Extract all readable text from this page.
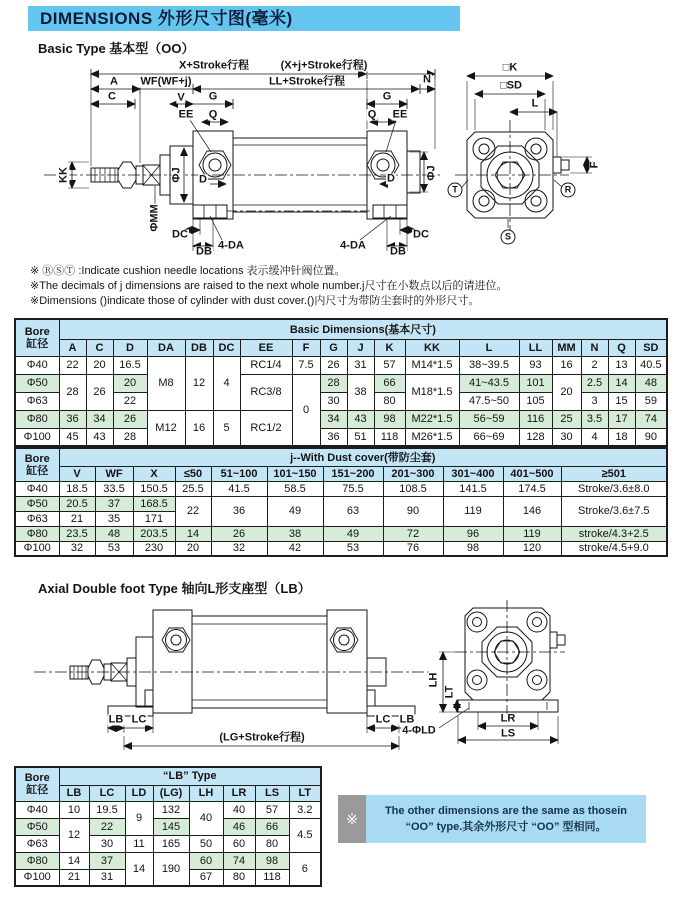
DIMENSIONS 外形尺寸图(毫米)
Basic Type 基本型（OO）
X+Stroke行程	(X+j+Stroke行程)
A WF(WF+j)	LL+Stroke行程	N
C	V G	G
EE Q	Q EE
KK
ΦMM
ΦJ D	D	ΦJ
DC
DB 4-DA	4-DA DB
DC
□K
□SD
L
F
T	R
S
※ ⓇⓈⓉ :Indicate cushion needle locations 表示缓冲针阀位置。
※The decimals of j dimensions are raised to the next whole number.j尺寸在小数点以后的请进位。
※Dimensions ()indicate those of cylinder with dust cover.()内尺寸为带防尘套时的外形尺寸。
Bore
缸径	Basic Dimensions(基本尺寸)																	
	A	C	D	DA	DB	DC	EE	F	G	J	K	KK	L	LL	MM	N	Q	SD
Φ40	22	20	16.5	M8	12	4	RC1/4	7.5	26	31	57	M14*1.5	38~39.5	93	16	2	13	40.5
Φ50	28	26	20				RC3/8	0	28	38	66	M18*1.5	41~43.5	101	20	2.5	14	48
Φ63			22						30		80		47.5~50	105		3	15	59
Φ80	36	34	26	M12	16	5	RC1/2		34	43	98	M22*1.5	56~59	116	25	3.5	17	74
Φ100	45	43	28						36	51	118	M26*1.5	66~69	128	30	4	18	90
Bore
缸径	j--With Dust cover(带防尘套)										
	V	WF	X	≤50	51~100	101~150	151~200	201~300	301~400	401~500	≥501
Φ40	18.5	33.5	150.5	25.5	41.5	58.5	75.5	108.5	141.5	174.5	Stroke/3.6±8.0
Φ50	20.5	37	168.5	22	36	49	63	90	119	146	Stroke/3.6±7.5
Φ63	21	35	171								
Φ80	23.5	48	203.5	14	26	38	49	72	96	119	stroke/4.3+2.5
Φ100	32	53	230	20	32	42	53	76	98	120	stroke/4.5+9.0
Axial Double foot Type 轴向L形支座型（LB）
LB LC
(LG+Stroke行程)
LC LB
LH
LT
4-ΦLD
LR
LS
Bore
缸径	“LB” Type							
	LB	LC	LD	(LG)	LH	LR	LS	LT
Φ40	10	19.5	9	132	40	40	57	3.2
Φ50	12	22		145		46	66	4.5
Φ63		30	11	165	50	60	80	
Φ80	14	37	14	190	60	74	98	6
Φ100	21	31			67	80	118	
※	The other dimensions are the same as thosein
“OO” type.其余外形尺寸 “OO” 型相同。
